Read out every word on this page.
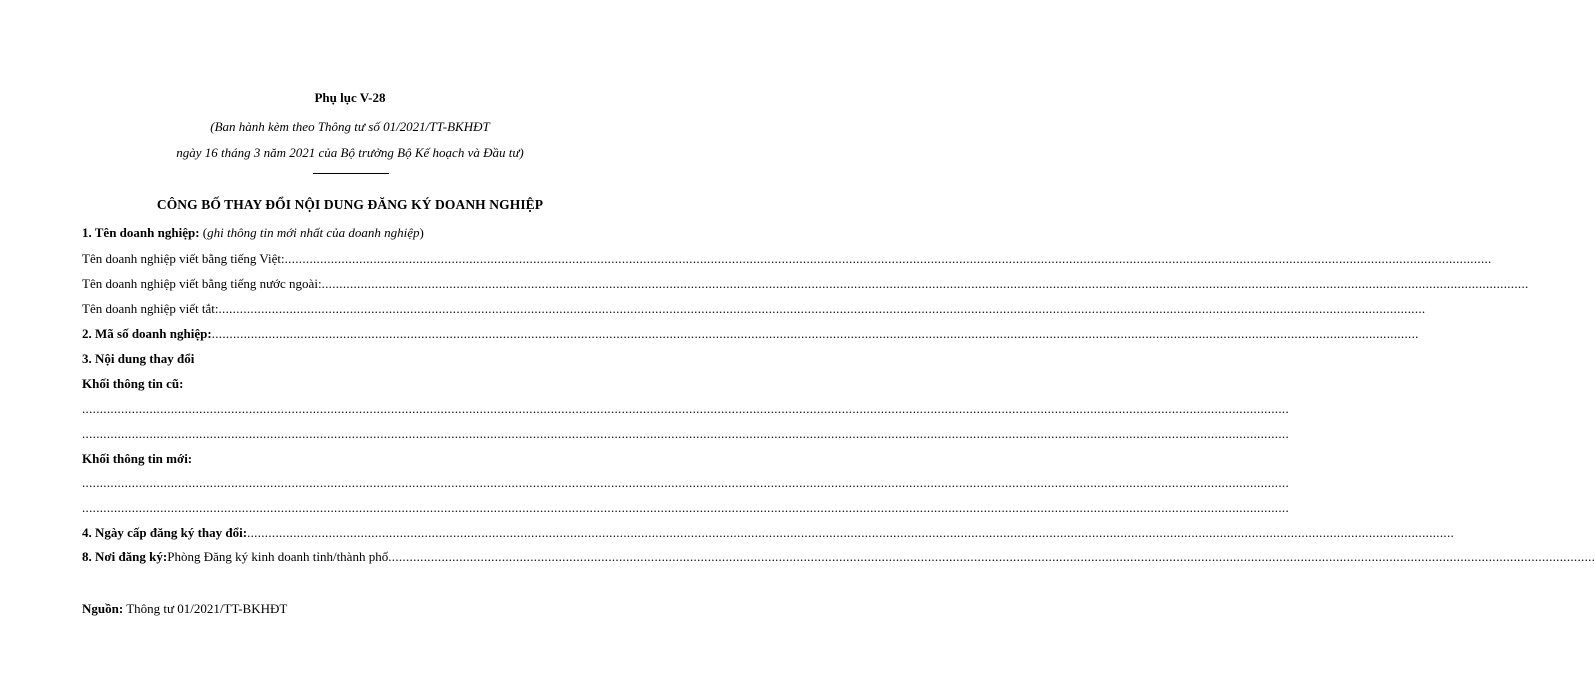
Phụ lục V-28
(Ban hành kèm theo Thông tư số 01/2021/TT-BKHĐT
ngày 16 tháng 3 năm 2021 của Bộ trưởng Bộ Kế hoạch và Đầu tư)
CÔNG BỐ THAY ĐỔI NỘI DUNG ĐĂNG KÝ DOANH NGHIỆP
1. Tên doanh nghiệp: (ghi thông tin mới nhất của doanh nghiệp)
Tên doanh nghiệp viết bằng tiếng Việt: ....................................................................................................................................................................................................................................................................................................................................................
Tên doanh nghiệp viết bằng tiếng nước ngoài: ....................................................................................................................................................................................................................................................................................................................................................
Tên doanh nghiệp viết tắt: ....................................................................................................................................................................................................................................................................................................................................................
2. Mã số doanh nghiệp: ....................................................................................................................................................................................................................................................................................................................................................
3. Nội dung thay đổi
Khối thông tin cũ:
....................................................................................................................................................................................................................................................................................................................................................
....................................................................................................................................................................................................................................................................................................................................................
Khối thông tin mới:
....................................................................................................................................................................................................................................................................................................................................................
....................................................................................................................................................................................................................................................................................................................................................
4. Ngày cấp đăng ký thay đổi: ....................................................................................................................................................................................................................................................................................................................................................
8. Nơi đăng ký: Phòng Đăng ký kinh doanh tỉnh/thành phố ....................................................................................................................................................................................................................................................................................................................................................
Nguồn: Thông tư 01/2021/TT-BKHĐT
